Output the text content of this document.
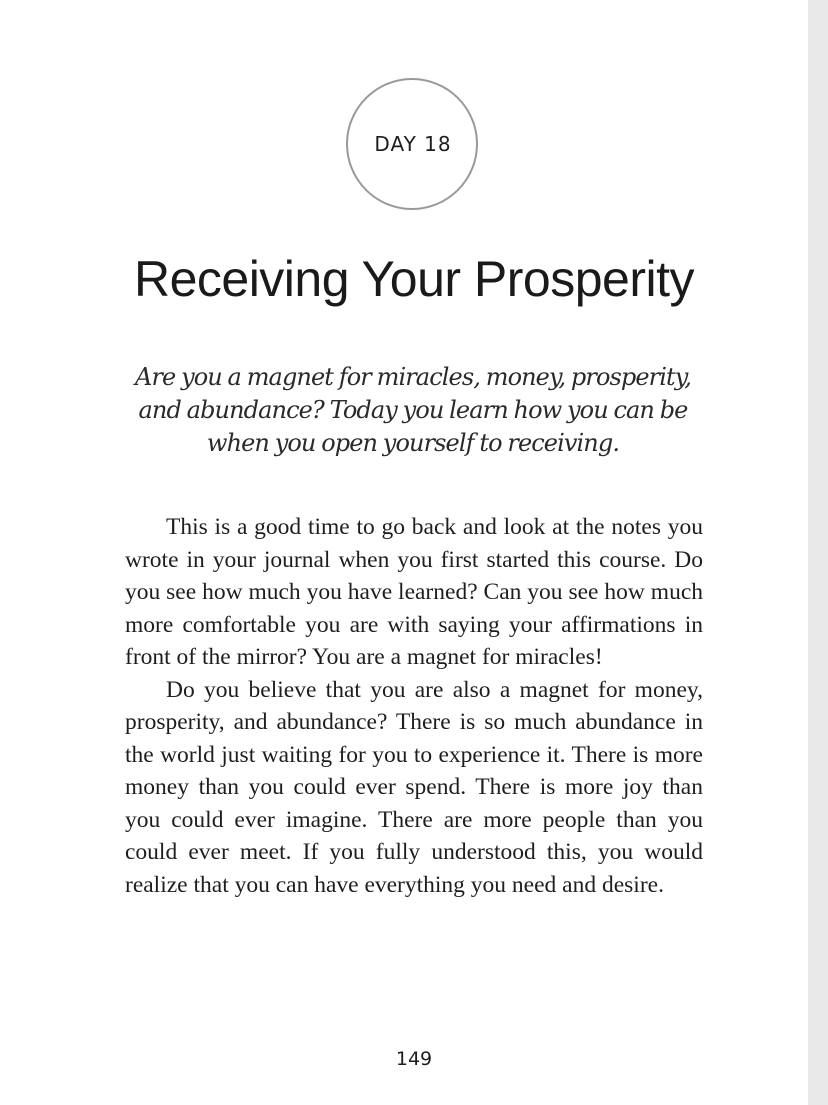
DAY 18
Receiving Your Prosperity

Are you a magnet for miracles, money, prosperity, and abundance? Today you learn how you can be when you open yourself to receiving.

This is a good time to go back and look at the notes you wrote in your journal when you first started this course. Do you see how much you have learned? Can you see how much more comfortable you are with saying your affirmations in front of the mirror? You are a magnet for miracles!

Do you believe that you are also a magnet for money, prosperity, and abundance? There is so much abundance in the world just waiting for you to experience it. There is more money than you could ever spend. There is more joy than you could ever imagine. There are more people than you could ever meet. If you fully understood this, you would realize that you can have everything you need and desire.

149
